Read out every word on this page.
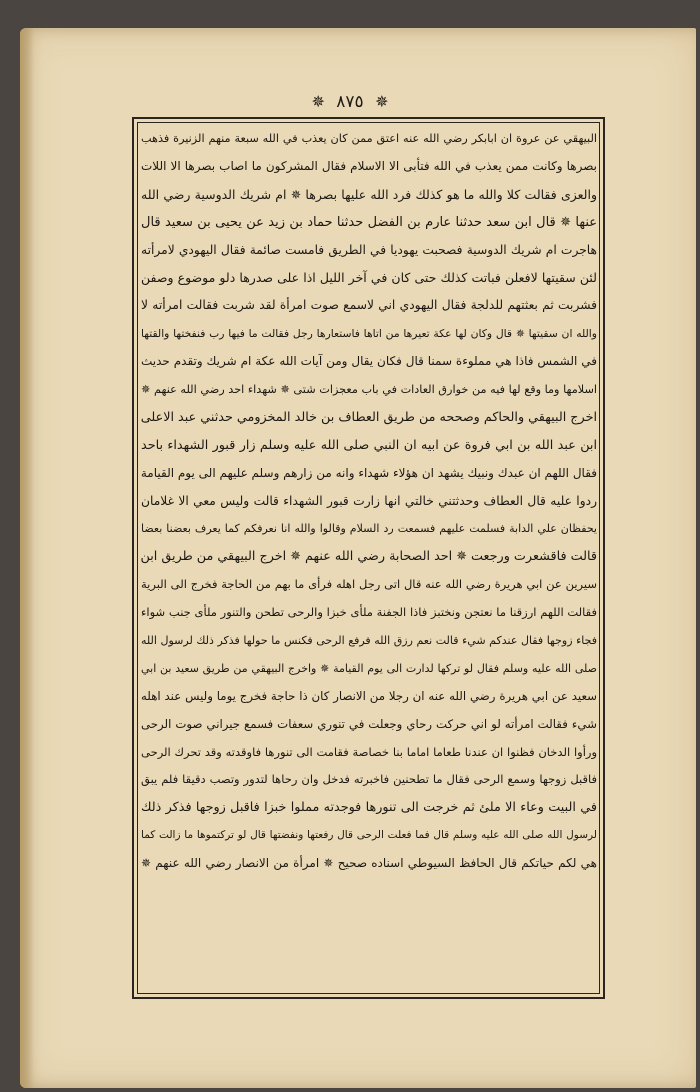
✵ ٨٧٥ ✵
البيهقي عن عروة ان ابابكر رضي الله عنه اعتق ممن كان يعذب في الله سبعة منهم الزنيرة فذهب
بصرها وكانت ممن يعذب في الله فتأبى الا الاسلام فقال المشركون ما اصاب بصرها الا اللات
والعزى فقالت كلا والله ما هو كذلك فرد الله عليها بصرها ✵ ام شريك الدوسية رضي الله
عنها ✵ قال ابن سعد حدثنا عارم بن الفضل حدثنا حماد بن زيد عن يحيى بن سعيد قال
هاجرت ام شريك الدوسية فصحبت يهوديا في الطريق فامست صائمة فقال اليهودي لامرأته
لئن سقيتها لافعلن فباتت كذلك حتى كان في آخر الليل اذا على صدرها دلو موضوع وصفن
فشربت ثم بعثتهم للدلجة فقال اليهودي اني لاسمع صوت امرأة لقد شربت فقالت امرأته لا
والله ان سقيتها ✵ قال وكان لها عكة تعيرها من اتاها فاستعارها رجل فقالت ما فيها رب فنفختها والقتها
في الشمس فاذا هي مملوءة سمنا قال فكان يقال ومن آيات الله عكة ام شريك وتقدم حديث
اسلامها وما وقع لها فيه من خوارق العادات في باب معجزات شتى ✵ شهداء احد رضي الله عنهم ✵
اخرج البيهقي والحاكم وصححه من طريق العطاف بن خالد المخزومي حدثني عبد الاعلى
ابن عبد الله بن ابي فروة عن ابيه ان النبي صلى الله عليه وسلم زار قبور الشهداء باحد
فقال اللهم ان عبدك ونبيك يشهد ان هؤلاء شهداء وانه من زارهم وسلم عليهم الى يوم القيامة
ردوا عليه قال العطاف وحدثتني خالتي انها زارت قبور الشهداء قالت وليس معي الا غلامان
يحفظان علي الدابة فسلمت عليهم فسمعت رد السلام وقالوا والله انا نعرفكم كما يعرف بعضنا بعضا
قالت فاقشعرت ورجعت ✵ احد الصحابة رضي الله عنهم ✵ اخرج البيهقي من طريق ابن
سيرين عن ابي هريرة رضي الله عنه قال اتى رجل اهله فرأى ما بهم من الحاجة فخرج الى البرية
فقالت اللهم ارزقنا ما نعتجن ونختبز فاذا الجفنة ملأى خبزا والرحى تطحن والتنور ملأى جنب شواء
فجاء زوجها فقال عندكم شيء قالت نعم رزق الله فرفع الرحى فكنس ما حولها فذكر ذلك لرسول الله
صلى الله عليه وسلم فقال لو تركها لدارت الى يوم القيامة ✵ واخرج البيهقي من طريق سعيد بن ابي
سعيد عن ابي هريرة رضي الله عنه ان رجلا من الانصار كان ذا حاجة فخرج يوما وليس عند اهله
شيء فقالت امرأته لو اني حركت رحاي وجعلت في تنوري سعفات فسمع جيراني صوت الرحى
ورأوا الدخان فظنوا ان عندنا طعاما اماما بنا خصاصة فقامت الى تنورها فاوقدته وقد تحرك الرحى
فاقبل زوجها وسمع الرحى فقال ما تطحنين فاخبرته فدخل وان رحاها لتدور وتصب دقيقا فلم يبق
في البيت وعاء الا ملئ ثم خرجت الى تنورها فوجدته مملوا خبزا فاقبل زوجها فذكر ذلك
لرسول الله صلى الله عليه وسلم قال فما فعلت الرحى قال رفعتها ونفضتها قال لو تركتموها ما زالت كما
هي لكم حياتكم قال الحافظ السيوطي اسناده صحيح ✵ امرأة من الانصار رضي الله عنهم ✵
